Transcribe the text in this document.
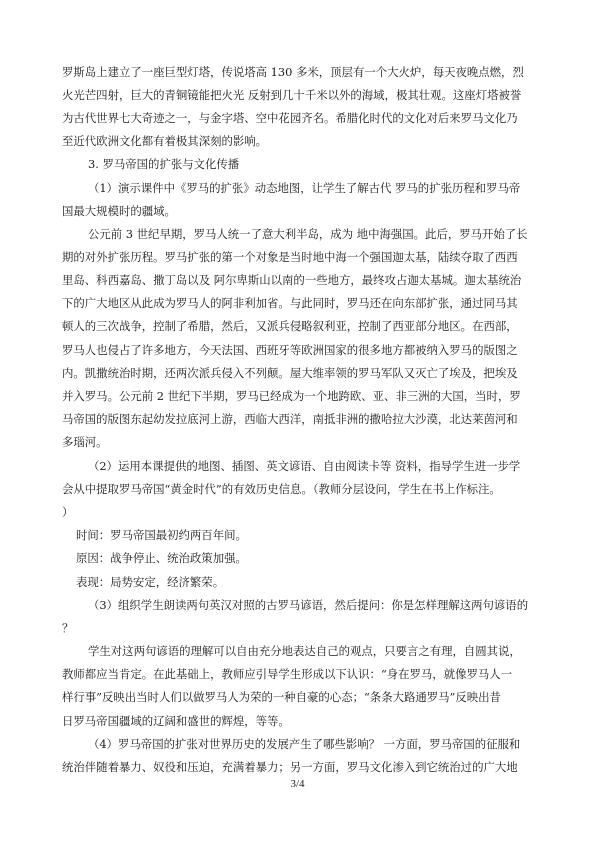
罗斯岛上建立了一座巨型灯塔，传说塔高 130 多米，顶层有一个大火炉，每天夜晚点燃，烈
火光芒四射，巨大的青铜镜能把火光 反射到几十千米以外的海域，极其壮观。这座灯塔被誉
为古代世界七大奇迹之一，与金字塔、空中花园齐名。希腊化时代的文化对后来罗马文化乃
至近代欧洲文化都有着极其深刻的影响。
3. 罗马帝国的扩张与文化传播
（1）演示课件中《罗马的扩张》动态地图，让学生了解古代 罗马的扩张历程和罗马帝
国最大规模时的疆域。
公元前 3 世纪早期，罗马人统一了意大利半岛，成为 地中海强国。此后，罗马开始了长
期的对外扩张历程。罗马扩张的第一个对象是当时地中海一个强国迦太基，陆续夺取了西西
里岛、科西嘉岛、撒丁岛以及 阿尔卑斯山以南的一些地方，最终攻占迦太基城。迦太基统治
下的广大地区从此成为罗马人的阿非利加省。与此同时，罗马还在向东部扩张，通过同马其
顿人的三次战争，控制了希腊，然后，又派兵侵略叙利亚，控制了西亚部分地区。在西部，
罗马人也侵占了许多地方，今天法国、西班牙等欧洲国家的很多地方都被纳入罗马的版图之
内。凯撒统治时期，还两次派兵侵入不列颠。屋大维率领的罗马军队又灭亡了埃及，把埃及
并入罗马。公元前 2 世纪下半期，罗马已经成为一个地跨欧、亚、非三洲的大国，当时，罗
马帝国的版图东起幼发拉底河上游，西临大西洋，南抵非洲的撒哈拉大沙漠，北达莱茵河和
多瑙河。
（2）运用本课提供的地图、插图、英文谚语、自由阅读卡等 资料，指导学生进一步学
会从中提取罗马帝国“黄金时代”的有效历史信息。（教师分层设问，学生在书上作标注。
）
时间：罗马帝国最初约两百年间。
原因：战争停止、统治政策加强。
表现：局势安定，经济繁荣。
（3）组织学生朗读两句英汉对照的古罗马谚语，然后提问：你是怎样理解这两句谚语的
？
学生对这两句谚语的理解可以自由充分地表达自己的观点，只要言之有理，自圆其说，
教师都应当肯定。在此基础上，教师应引导学生形成以下认识：“身在罗马，就像罗马人一
样行事”反映出当时人们以做罗马人为荣的一种自豪的心态；“条条大路通罗马”反映出昔
日罗马帝国疆域的辽阔和盛世的辉煌，等等。
（4）罗马帝国的扩张对世界历史的发展产生了哪些影响？ 一方面，罗马帝国的征服和
统治伴随着暴力、奴役和压迫，充满着暴力；另一方面，罗马文化渗入到它统治过的广大地
3/4
